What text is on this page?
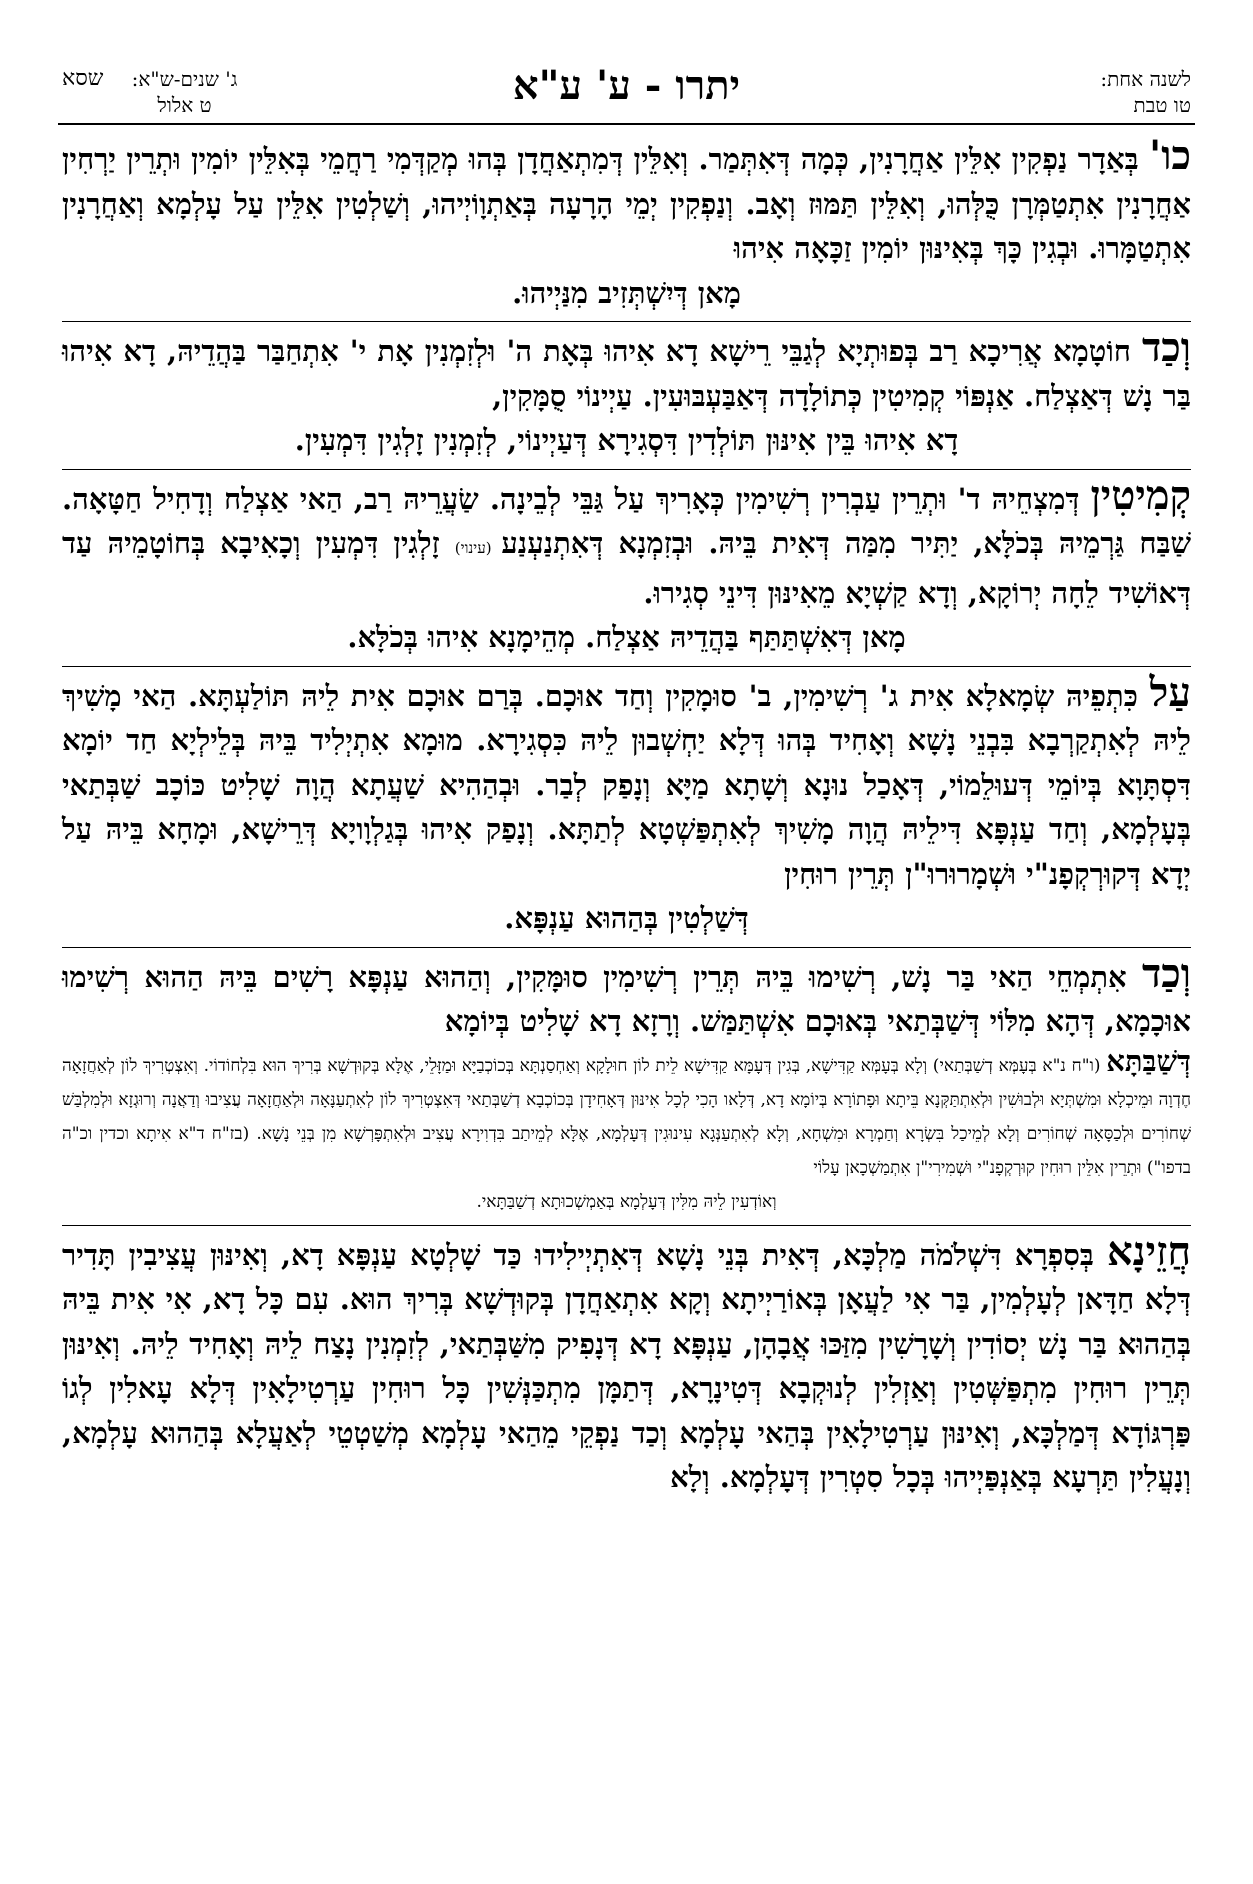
לשנה אחת:
טו טבת
יתרו - ע' ע"א
ג' שנים-ש"א:
ט אלול
שסא

כו' בְּאַדָר נַפְקִין אִלֵּין אַחֲרָנִין, כְּמָה דְּאִתְּמַר. וְאִלֵּין דְּמִתְאַחֲדָן בְּהוּ מְקַדְּמִי רַחֲמֵי בְּאִלֵּין יוֹמִין וּתְרֵין יַרְחִין אַחֲרָנִין אִתְטַמְּרָן כֻּלְּהוּ, וְאִלֵּין תַּמּוּז וְאָב. וְנַפְקִין יְמֵי הָרָעָה בְּאַתְוָוֹיְיהוּ, וְשַׁלְטִין אִלֵּין עַל עָלְמָא וְאַחֲרָנִין אִתְטַמָּרוּ. וּבְגִין כָּךְ בְּאִינּוּן יוֹמִין זַכָּאָה אִיהוּ
מָאן דְּיִשְׁתְּזִיב מִנַּיְיהוּ.

וְכַד חוֹטָמָא אֲרִיכָא רַב בְּפוּתְיָא לְגַבֵּי רֵישָׁא דָא אִיהוּ בְּאָת ה' וּלְזִמְנִין אָת י' אִתְחַבַּר בַּהֲדֵיהּ, דָא אִיהוּ בַּר נָשׁ דְּאַצְלַח. אַנְפּוֹי קְמִיטִין כְּתוֹלָדָה דְּאַבַּעְבּוּעִין. עַיְינוֹי סֻמָּקִין,
דָא אִיהוּ בֵּין אִינּוּן תּוֹלְדִין דִּסְגִירָא דְּעַיְינוֹי, לְזִמְנִין זָלְגִין דִּמְעִין.

קְמִיטִין דְּמִצְחֵיהּ ד' וּתְרֵין עַבְרִין רְשִׁימִין כְּאָרִיךְ עַל גַּבֵּי לְבֵינָה. שַׂעֲרֵיהּ רַב, הַאי אַצְלַח וְדָחִיל חַטָּאָה. שַׁבַּח גַּרְמֵיהּ בְּכֹלָּא, יַתִּיר מִמַּה דְּאִית בֵּיהּ. וּבְזִמְנָא דְּאִתְנַעְנַע (עינוי) זָלְגִין דִּמְעִין וְכָאִיבָא בְּחוֹטָמֵיהּ עַד דְּאוֹשִׁיד לֵחָה יְרוֹקָא, וְדָא קַשְׁיָא מֵאִינּוּן דִּינֵי סְגִירוּ.
מָאן דְּאִשְׁתַּתַּף בַּהֲדֵיהּ אַצְלַח. מְהֵימָנָא אִיהוּ בְּכֹלָּא.

עַל כִּתְפֵיהּ שְׂמָאלָא אִית ג' רְשִׁימִין, ב' סוּמָקִין וְחַד אוּכָם. בְּרַם אוּכָם אִית לֵיהּ תּוֹלַעְתָּא. הַאי מָשִׁיךְ לֵיהּ לְאִתְקַרְבָא בִּבְנֵי נָשָׁא וְאָחִיד בְּהוּ דְּלָא יַחְשְׁבוּן לֵיהּ כִּסְגִירָא. מוּמָא אִתְיְלִיד בֵּיהּ בְּלֵילְיָא חַד יוֹמָא דִּסְתָּוָא בְּיוֹמֵי דְּעוּלֵמוֹי, דְּאָכַל נוּנָא וְשָׁתָא מַיָּא וְנָפַק לְבַר. וּבְהַהִיא שַׁעֲתָא הֲוָה שָׁלִיט כּוֹכָב שַׁבְּתַאי בְּעָלְמָא, וְחַד עַנְפָּא דִּילֵיהּ הֲוָה מָשִׁיךְ לְאִתְפַּשְׁטָא לְתַתָּא. וְנָפַק אִיהוּ בְּגַלְוָויָא דְּרֵישָׁא, וּמָחָא בֵּיהּ עַל יְדָא דְּקוּרְקְפָנ"י וּשְׁמָרוּרוּ"ן תְּרֵין רוּחִין
דְּשַׁלְטִין בְּהַהוּא עַנְפָּא.

וְכַד אִתְמְחֵי הַאי בַּר נָשׁ, רְשִׁימוּ בֵּיהּ תְּרֵין רְשִׁימִין סוּמָּקִין, וְהַהוּא עַנְפָּא רָשִׁים בֵּיהּ הַהוּא רְשִׁימוּ אוּכָמָא, דְּהָא מִלּוֹי דְּשַׁבְּתַאי בְּאוּכָם אִשְׁתַּמַּשׁ. וְרָזָא דָא שָׁלִיט בְּיוֹמָא

דְּשַׁבַּתָּא (ו"ח נ"א בְּעָמְּא דְשַׁבְּתַאי) וְלָא בְּעָמְּא קַדִּישָׁא, בְּגִין דְּעָמָּא קַדִּישָׁא לֵית לוֹן חוּלָקָא וְאַחְסַנְתָּא בְּכוֹכְבַיָּא וּמַזָּלֵי, אֶלָּא בְּקוּדְשָׁא בְּרִיךְ הוּא בִּלְחוֹדוֹי. וְאִצְטְרִיךְ לוֹן לְאַחֲזָאָה חֶדְוָה וּמֵיכְלָא וּמִשְׁתְּיָא וּלְבוּשִׁין וּלְאִתְתַּקְּנָא בֵּיתָא וּפָתוֹרָא בְּיוֹמָא דָא, דְּלָאו הָכִי לְכָל אִינּוּן דְּאָחִידָן בְּכוֹכְבָא דְשַׁבְּתַאי דְּאִצְטְרִיךְ לוֹן לְאִתְעַנָּאָה וּלְאַחֲזָאָה עֲצִיבוּ וְדַאֲנָה וְרוּגְזָא וּלְמִלְבַּשׁ שְׁחוֹרִים וּלְכַסָּאָה שְׁחוֹרִים וְלָא לְמֵיכַל בִּשְׂרָא וְחַמְרָא וּמִשְׁחָא, וְלָא לְאִתְעַנְּגָא עִינוּגִין דְּעָלְמָא, אֶלָּא לְמֵיתַב בִּדְוִירָא עֲצִיב וּלְאִתְפָּרְשָׁא מִן בְּנֵי נָשָׁא. (בז"ח ד"א אִיתָא וכדין וכ"ה בדפו") וּתְרֵין אִלֵּין רוּחִין קוּרְקְפָנ"י וּשְׁמִירִי"ן אִתְמַשְׁכָאן עָלוֹי

וְאוֹדְעִין לֵיהּ מִלִּין דְּעָלְמָא בְּאַמְשְׁכוּתָא דְשַׁבַּתָּאי.

חֲזֵינָא בְּסִפְרָא דִּשְׁלֹמֹה מַלְכָּא, דְּאִית בְּנֵי נָשָׁא דְּאִתְיְילִידוּ כַּד שָׁלְטָא עַנְפָּא דָא, וְאִינּוּן עֲצִיבִין תָּדִיר דְּלָא חַדָּאן לְעָלְמִין, בַּר אִי לַעֲאָן בְּאוֹרַיְיתָא וְקָא אִתְאַחֲדָן בְּקוּדְשָׁא בְּרִיךְ הוּא. עִם כָּל דָא, אִי אִית בֵּיהּ בְּהַהוּא בַּר נָשׁ יְסוֹדִין וְשָׁרָשִׁין מִזַּכּוּ אֲבָהָן, עַנְפָּא דָא דְּנָפִיק מִשַּׁבְּתַאי, לְזִמְנִין נָצַח לֵיהּ וְאָחִיד לֵיהּ. וְאִינּוּן תְּרֵין רוּחִין מִתְפַּשְּׁטִין וְאַזְלִין לְנוּקְבָא דְּטִינָרָא, דְּתַמָּן מִתְכַּנְּשִׁין כָּל רוּחִין עַרְטִילָאִין דְּלָא עָאלִין לְגוֹ פַּרְגּוֹדָא דְּמַלְכָּא, וְאִינּוּן עַרְטִילָאִין בְּהַאי עָלְמָא וְכַד נַפְקֵי מֵהַאי עָלְמָא מְשַׁטְטֵי לְאַעֲלָא בְּהַהוּא עָלְמָא, וְנָעֲלִין תַּרְעָא בְּאַנְפַּיְיהוּ בְּכָל סִטְרִין דְּעָלְמָא. וְלָא
